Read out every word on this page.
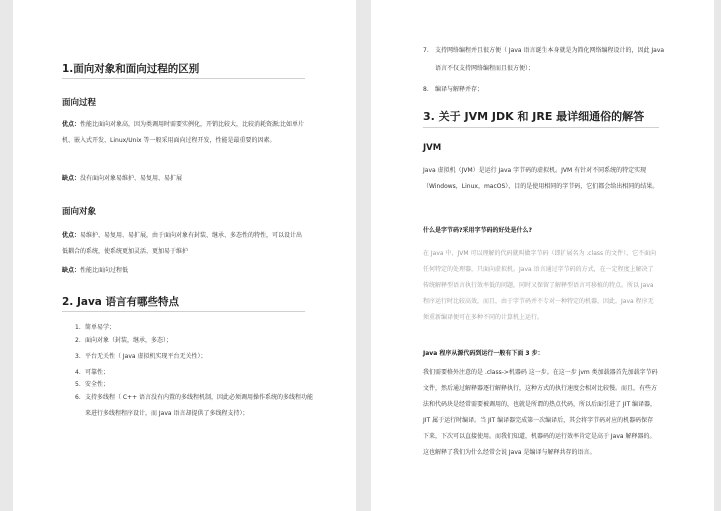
1.面向对象和面向过程的区别
面向过程
优点：性能比面向对象高，因为类调用时需要实例化，开销比较大，比较消耗资源;比如单片机、嵌入式开发、Linux/Unix 等一般采用面向过程开发，性能是最重要的因素。
缺点：没有面向对象易维护、易复用、易扩展
面向对象
优点：易维护、易复用、易扩展，由于面向对象有封装、继承、多态性的特性，可以设计出低耦合的系统，使系统更加灵活、更加易于维护
缺点：性能比面向过程低
2. Java 语言有哪些特点
1. 简单易学；
2. 面向对象（封装，继承，多态）；
3. 平台无关性（ Java 虚拟机实现平台无关性）；
4. 可靠性；
5. 安全性；
6. 支持多线程（ C++ 语言没有内置的多线程机制，因此必须调用操作系统的多线程功能来进行多线程程序设计，而 Java 语言却提供了多线程支持）；
7. 支持网络编程并且很方便（ Java 语言诞生本身就是为简化网络编程设计的，因此 Java 语言不仅支持网络编程而且很方便）；
8. 编译与解释并存；
3. 关于 JVM JDK 和 JRE 最详细通俗的解答
JVM
Java 虚拟机（JVM）是运行 Java 字节码的虚拟机。JVM 有针对不同系统的特定实现（Windows，Linux，macOS），目的是使用相同的字节码，它们都会给出相同的结果。
什么是字节码?采用字节码的好处是什么?
在 Java 中，JVM 可以理解的代码就叫做字节码（即扩展名为 .class 的文件），它不面向任何特定的处理器，只面向虚拟机。Java 语言通过字节码的方式，在一定程度上解决了传统解释型语言执行效率低的问题，同时又保留了解释型语言可移植的特点。所以 Java 程序运行时比较高效，而且，由于字节码并不专对一种特定的机器，因此，Java 程序无须重新编译便可在多种不同的计算机上运行。
Java 程序从源代码到运行一般有下面 3 步：
我们需要格外注意的是 .class->机器码 这一步。在这一步 jvm 类加载器首先加载字节码文件，然后通过解释器逐行解释执行，这种方式的执行速度会相对比较慢。而且，有些方法和代码块是经常需要被调用的，也就是所谓的热点代码，所以后面引进了 JIT 编译器，JIT 属于运行时编译。当 JIT 编译器完成第一次编译后，其会将字节码对应的机器码保存下来，下次可以直接使用。而我们知道，机器码的运行效率肯定是高于 Java 解释器的。这也解释了我们为什么经常会说 Java 是编译与解释共存的语言。
